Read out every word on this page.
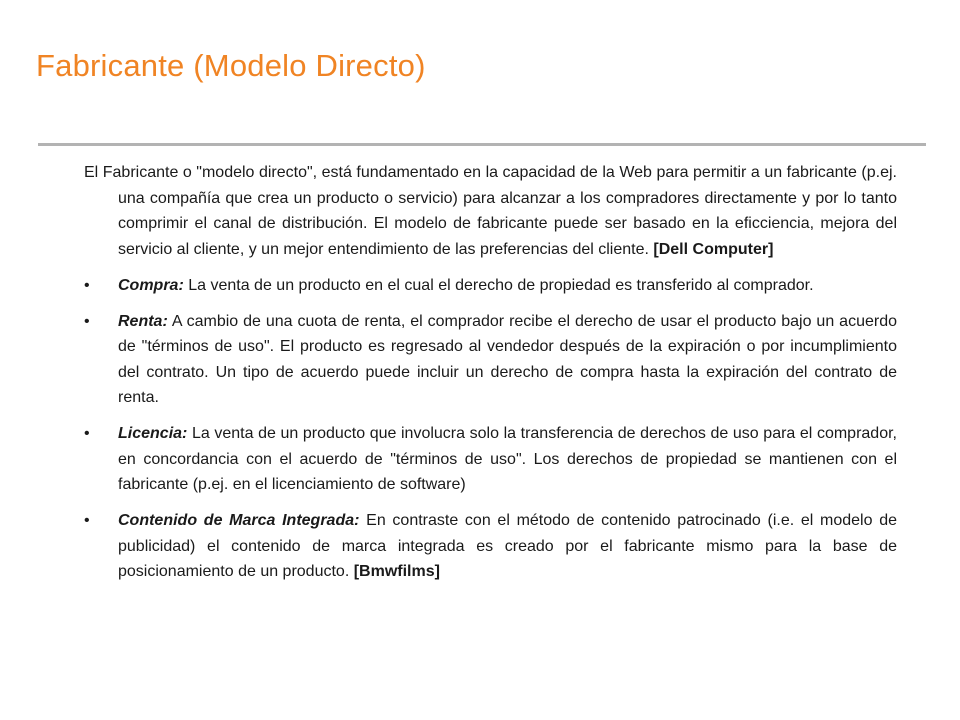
Fabricante (Modelo Directo)

El Fabricante o "modelo directo", está fundamentado en la capacidad de la Web para permitir a un fabricante (p.ej. una compañía que crea un producto o servicio) para alcanzar a los compradores directamente y por lo tanto comprimir el canal de distribución. El modelo de fabricante puede ser basado en la eficciencia, mejora del servicio al cliente, y un mejor entendimiento de las preferencias del cliente. [Dell Computer]

• Compra: La venta de un producto en el cual el derecho de propiedad es transferido al comprador.

• Renta: A cambio de una cuota de renta, el comprador recibe el derecho de usar el producto bajo un acuerdo de "términos de uso". El producto es regresado al vendedor después de la expiración o por incumplimiento del contrato. Un tipo de acuerdo puede incluir un derecho de compra hasta la expiración del contrato de renta.

• Licencia: La venta de un producto que involucra solo la transferencia de derechos de uso para el comprador, en concordancia con el acuerdo de "términos de uso". Los derechos de propiedad se mantienen con el fabricante (p.ej. en el licenciamiento de software)

• Contenido de Marca Integrada: En contraste con el método de contenido patrocinado (i.e. el modelo de publicidad) el contenido de marca integrada es creado por el fabricante mismo para la base de posicionamiento de un producto. [Bmwfilms]
